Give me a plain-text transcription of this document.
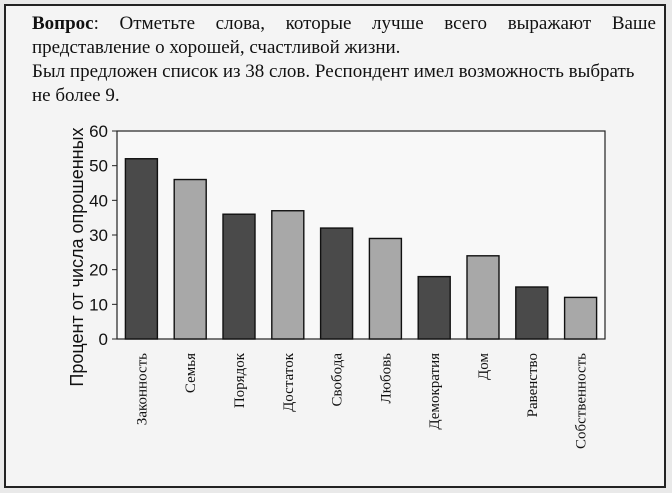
Вопрос: Отметьте слова, которые лучше всего выражают Ваше представление о хорошей, счастливой жизни.

Был предложен список из 38 слов. Респондент имел возможность выбрать не более 9.

0
10
20
30
40
50
60
Законность Семья Порядок Достаток Свобода Любовь Демократия Дом Равенство Собственность
Процент от числа опрошенных
